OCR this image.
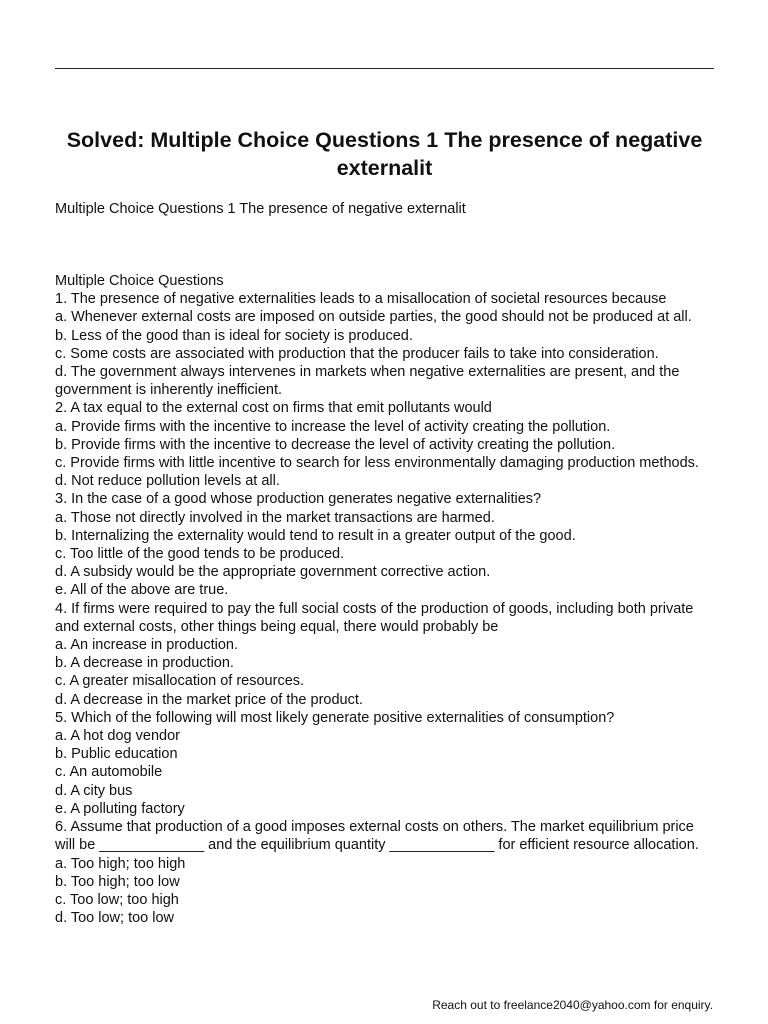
Solved: Multiple Choice Questions 1 The presence of negative externalit

Multiple Choice Questions 1 The presence of negative externalit

Multiple Choice Questions
1. The presence of negative externalities leads to a misallocation of societal resources because
a. Whenever external costs are imposed on outside parties, the good should not be produced at all.
b. Less of the good than is ideal for society is produced.
c. Some costs are associated with production that the producer fails to take into consideration.
d. The government always intervenes in markets when negative externalities are present, and the government is inherently inefficient.
2. A tax equal to the external cost on firms that emit pollutants would
a. Provide firms with the incentive to increase the level of activity creating the pollution.
b. Provide firms with the incentive to decrease the level of activity creating the pollution.
c. Provide firms with little incentive to search for less environmentally damaging production methods.
d. Not reduce pollution levels at all.
3. In the case of a good whose production generates negative externalities?
a. Those not directly involved in the market transactions are harmed.
b. Internalizing the externality would tend to result in a greater output of the good.
c. Too little of the good tends to be produced.
d. A subsidy would be the appropriate government corrective action.
e. All of the above are true.
4. If firms were required to pay the full social costs of the production of goods, including both private and external costs, other things being equal, there would probably be
a. An increase in production.
b. A decrease in production.
c. A greater misallocation of resources.
d. A decrease in the market price of the product.
5. Which of the following will most likely generate positive externalities of consumption?
a. A hot dog vendor
b. Public education
c. An automobile
d. A city bus
e. A polluting factory
6. Assume that production of a good imposes external costs on others. The market equilibrium price will be _____________ and the equilibrium quantity _____________ for efficient resource allocation.
a. Too high; too high
b. Too high; too low
c. Too low; too high
d. Too low; too low
Reach out to freelance2040@yahoo.com for enquiry.
